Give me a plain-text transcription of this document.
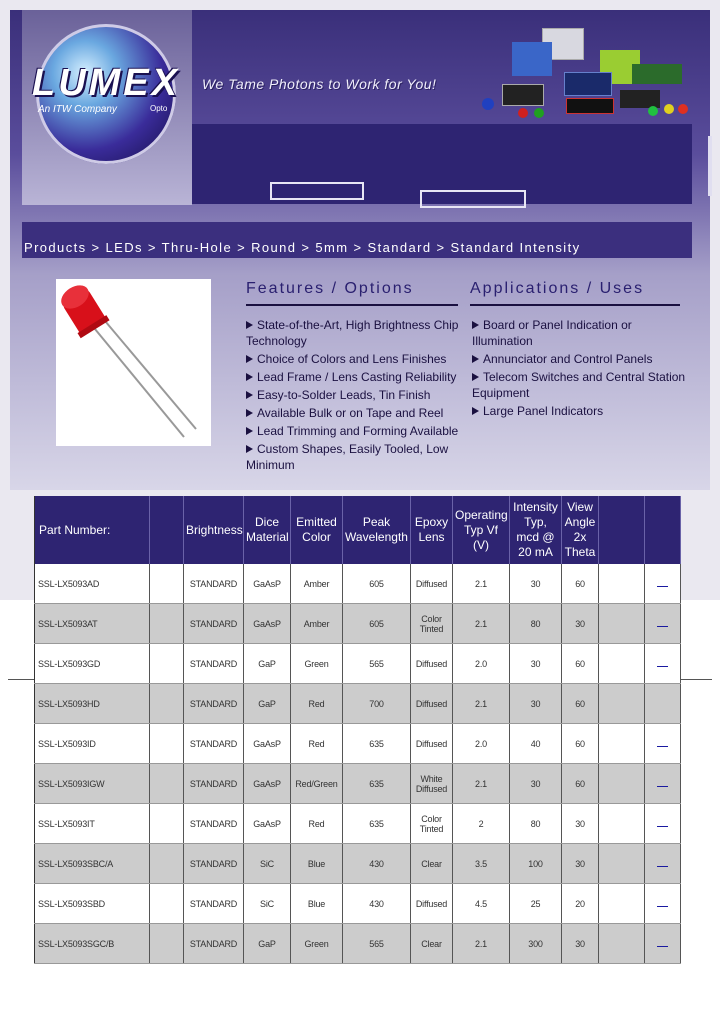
LUMEX
An ITW Company	Opto
We Tame Photons to Work for You!
Products > LEDs > Thru-Hole > Round > 5mm > Standard > Standard Intensity
Features / Options
State-of-the-Art, High Brightness Chip Technology
Choice of Colors and Lens Finishes
Lead Frame / Lens Casting Reliability
Easy-to-Solder Leads, Tin Finish
Available Bulk or on Tape and Reel
Lead Trimming and Forming Available
Custom Shapes, Easily Tooled, Low Minimum
Applications / Uses
Board or Panel Indication or Illumination
Annunciator and Control Panels
Telecom Switches and Central Station Equipment
Large Panel Indicators
Part Number:		Brightness	Dice Material	Emitted Color	Peak Wavelength	Epoxy Lens	Operating Typ Vf (V)	Intensity Typ, mcd @ 20 mA	View Angle 2x Theta		
SSL-LX5093AD		STANDARD	GaAsP	Amber	605	Diffused	2.1	30	60		
SSL-LX5093AT		STANDARD	GaAsP	Amber	605	Color Tinted	2.1	80	30		
SSL-LX5093GD		STANDARD	GaP	Green	565	Diffused	2.0	30	60		
SSL-LX5093HD		STANDARD	GaP	Red	700	Diffused	2.1	30	60		
SSL-LX5093ID		STANDARD	GaAsP	Red	635	Diffused	2.0	40	60		
SSL-LX5093IGW		STANDARD	GaAsP	Red/Green	635	White Diffused	2.1	30	60		
SSL-LX5093IT		STANDARD	GaAsP	Red	635	Color Tinted	2	80	30		
SSL-LX5093SBC/A		STANDARD	SiC	Blue	430	Clear	3.5	100	30		
SSL-LX5093SBD		STANDARD	SiC	Blue	430	Diffused	4.5	25	20		
SSL-LX5093SGC/B		STANDARD	GaP	Green	565	Clear	2.1	300	30		
